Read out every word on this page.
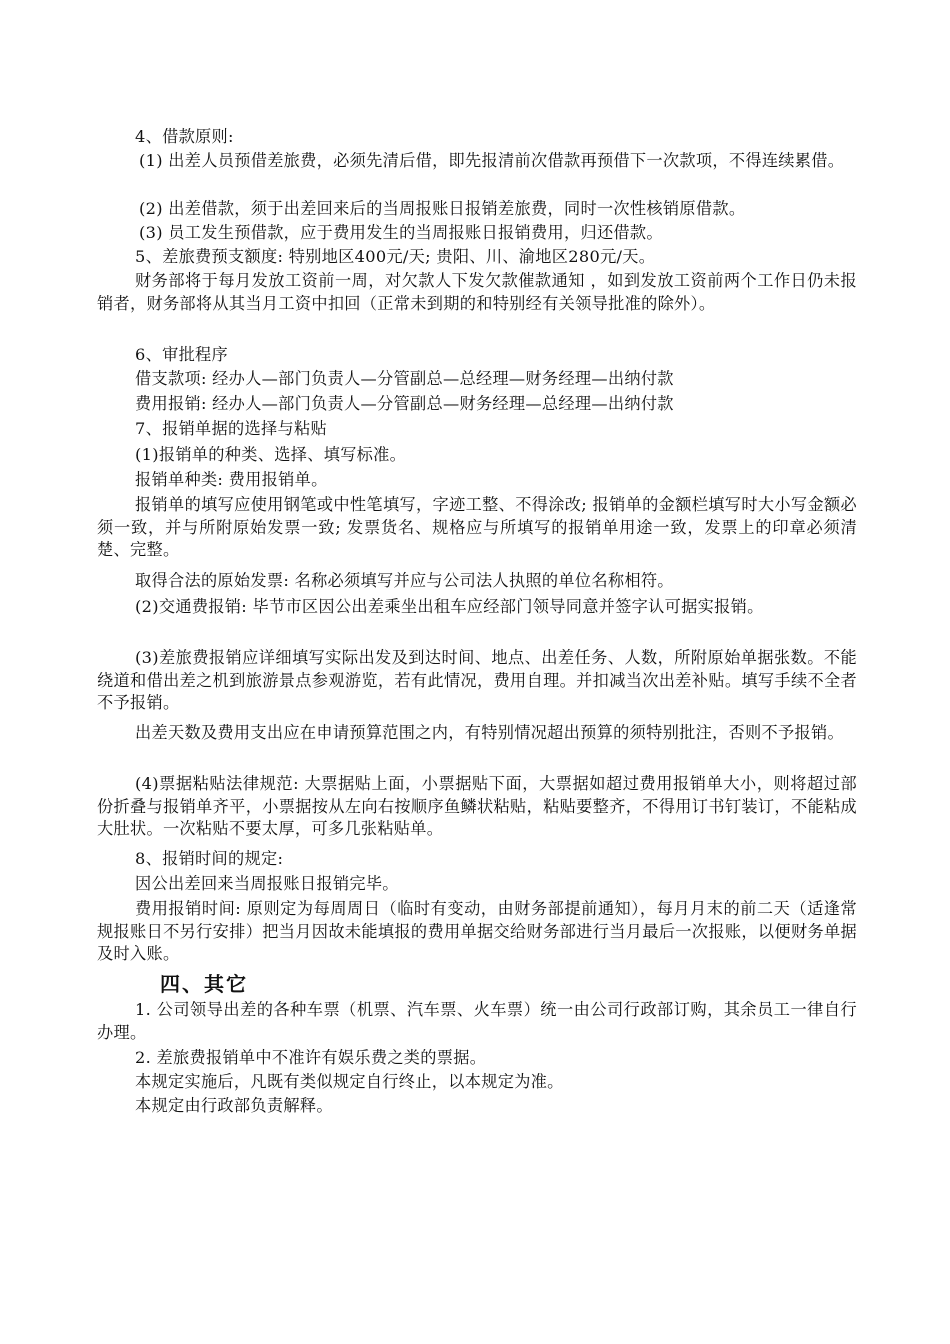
4、借款原则:

(1) 出差人员预借差旅费，必须先清后借，即先报清前次借款再预借下一次款项，不得连续累借。

(2) 出差借款，须于出差回来后的当周报账日报销差旅费，同时一次性核销原借款。

(3) 员工发生预借款，应于费用发生的当周报账日报销费用，归还借款。

5、差旅费预支额度: 特别地区400元/天; 贵阳、川、渝地区280元/天。

财务部将于每月发放工资前一周，对欠款人下发欠款催款通知 ，如到发放工资前两个工作日仍未报销者，财务部将从其当月工资中扣回（正常未到期的和特别经有关领导批准的除外）。

6、审批程序

借支款项: 经办人—部门负责人—分管副总—总经理—财务经理—出纳付款

费用报销: 经办人—部门负责人—分管副总—财务经理—总经理—出纳付款

7、报销单据的选择与粘贴

(1)报销单的种类、选择、填写标准。

报销单种类: 费用报销单。

报销单的填写应使用钢笔或中性笔填写，字迹工整、不得涂改; 报销单的金额栏填写时大小写金额必须一致，并与所附原始发票一致; 发票货名、规格应与所填写的报销单用途一致，发票上的印章必须清楚、完整。

取得合法的原始发票: 名称必须填写并应与公司法人执照的单位名称相符。

(2)交通费报销: 毕节市区因公出差乘坐出租车应经部门领导同意并签字认可据实报销。

(3)差旅费报销应详细填写实际出发及到达时间、地点、出差任务、人数，所附原始单据张数。不能绕道和借出差之机到旅游景点参观游览，若有此情况，费用自理。并扣减当次出差补贴。填写手续不全者不予报销。

出差天数及费用支出应在申请预算范围之内，有特别情况超出预算的须特别批注，否则不予报销。

(4)票据粘贴法律规范: 大票据贴上面，小票据贴下面，大票据如超过费用报销单大小，则将超过部份折叠与报销单齐平，小票据按从左向右按顺序鱼鳞状粘贴，粘贴要整齐，不得用订书钉装订，不能粘成大肚状。一次粘贴不要太厚，可多几张粘贴单。

8、报销时间的规定:

因公出差回来当周报账日报销完毕。

费用报销时间: 原则定为每周周日（临时有变动，由财务部提前通知），每月月末的前二天（适逢常规报账日不另行安排）把当月因故未能填报的费用单据交给财务部进行当月最后一次报账，以便财务单据及时入账。

四、其它

1. 公司领导出差的各种车票（机票、汽车票、火车票）统一由公司行政部订购，其余员工一律自行办理。

2. 差旅费报销单中不准许有娱乐费之类的票据。

本规定实施后，凡既有类似规定自行终止，以本规定为准。

本规定由行政部负责解释。
